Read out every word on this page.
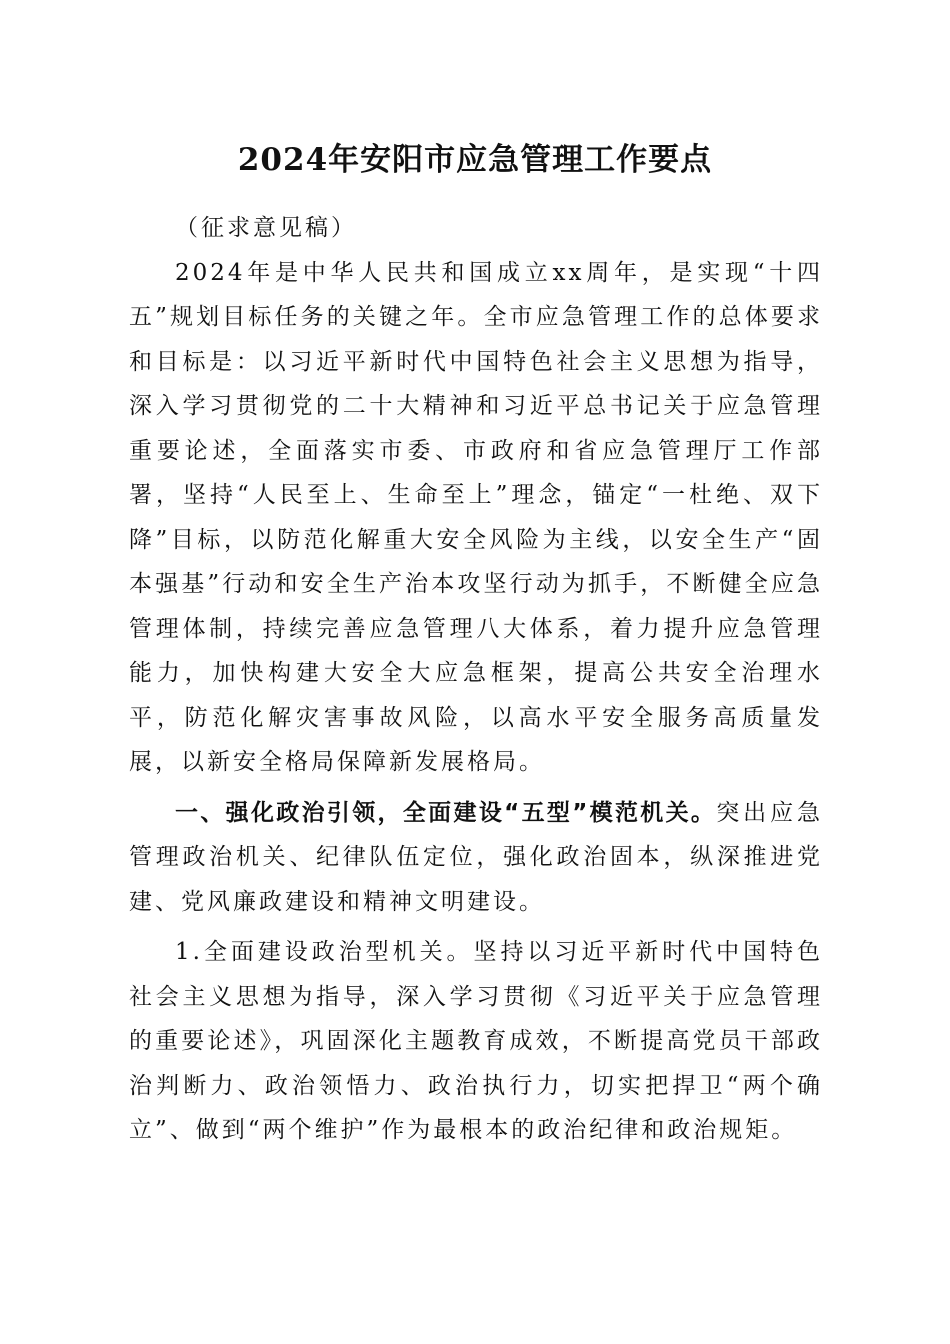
2024年安阳市应急管理工作要点

（征求意见稿）

2024年是中华人民共和国成立xx周年，是实现“十四五”规划目标任务的关键之年。全市应急管理工作的总体要求和目标是：以习近平新时代中国特色社会主义思想为指导，深入学习贯彻党的二十大精神和习近平总书记关于应急管理重要论述，全面落实市委、市政府和省应急管理厅工作部署，坚持“人民至上、生命至上”理念，锚定“一杜绝、双下降”目标，以防范化解重大安全风险为主线，以安全生产“固本强基”行动和安全生产治本攻坚行动为抓手，不断健全应急管理体制，持续完善应急管理八大体系，着力提升应急管理能力，加快构建大安全大应急框架，提高公共安全治理水平，防范化解灾害事故风险，以高水平安全服务高质量发展，以新安全格局保障新发展格局。

一、强化政治引领，全面建设“五型”模范机关。突出应急管理政治机关、纪律队伍定位，强化政治固本，纵深推进党建、党风廉政建设和精神文明建设。

1.全面建设政治型机关。坚持以习近平新时代中国特色社会主义思想为指导，深入学习贯彻《习近平关于应急管理的重要论述》，巩固深化主题教育成效，不断提高党员干部政治判断力、政治领悟力、政治执行力，切实把捍卫“两个确立”、做到“两个维护”作为最根本的政治纪律和政治规矩。
